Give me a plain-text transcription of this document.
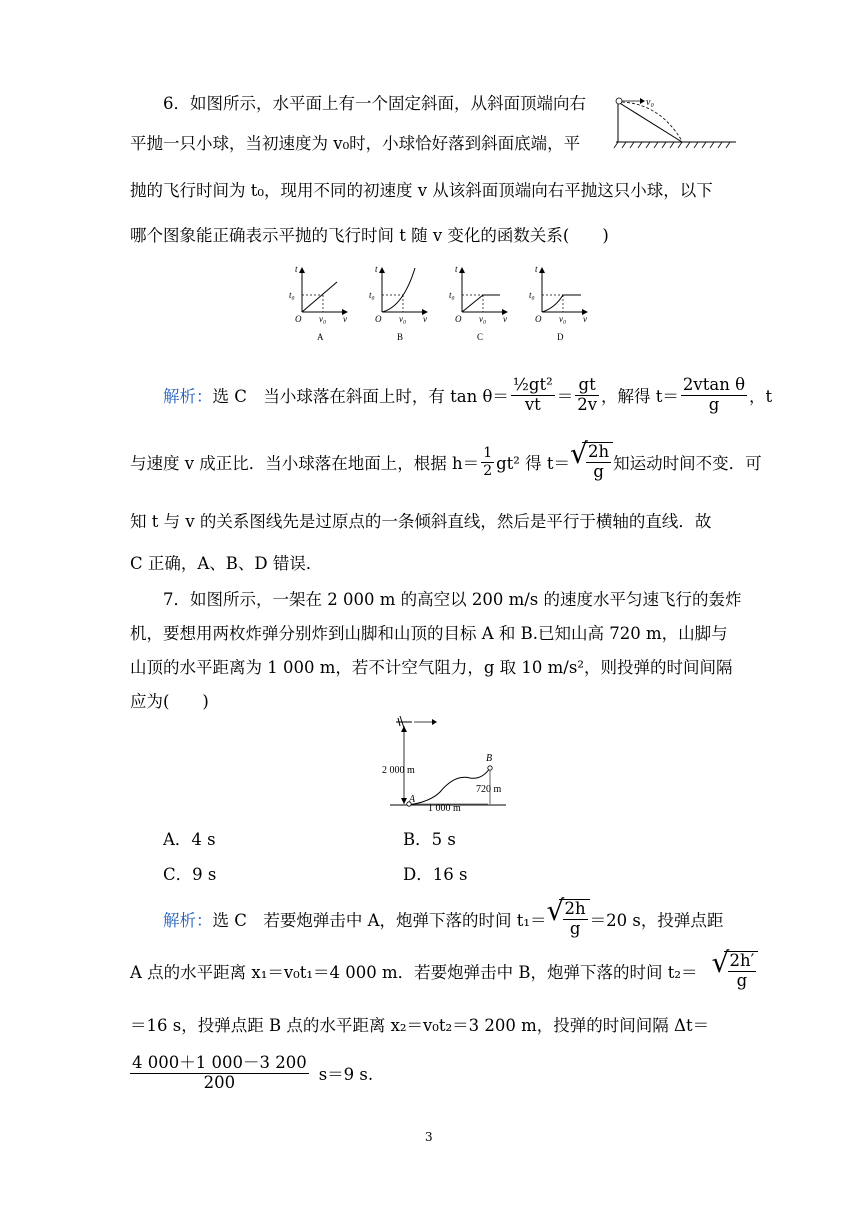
6．如图所示，水平面上有一个固定斜面，从斜面顶端向右
平抛一只小球，当初速度为 v₀时，小球恰好落到斜面底端，平
抛的飞行时间为 t₀，现用不同的初速度 v 从该斜面顶端向右平抛这只小球，以下
哪个图象能正确表示平抛的飞行时间 t 随 v 变化的函数关系(　　)
v₀
t
t₀
O v₀ v
A
t
t₀
O v₀ v
B
t
t₀
O v₀ v
C
t
t₀
O v₀ v
D
解析： 选 C　当小球落在斜面上时，有 $\tan \theta= \frac{\text{½gt²}}{vt} = \frac{gt}{2v}$ ，解得 $t= \frac{\text{2vtan θ}}{g}$ ，t
与速度 v 成正比．当小球落在地面上，根据 $h= \frac{1}{2} gt^2$ 得 t＝ √
$\frac{2h}{g}$ 知运动时间不变．可
知 t 与 v 的关系图线先是过原点的一条倾斜直线，然后是平行于横轴的直线．故
C 正确，A、B、D 错误．
7．如图所示，一架在 2 000 m 的高空以 200 m/s 的速度水平匀速飞行的轰炸
机，要想用两枚炸弹分别炸到山脚和山顶的目标 A 和 B.已知山高 720 m，山脚与
山顶的水平距离为 1 000 m，若不计空气阻力，g 取 10 m/s²，则投弹的时间间隔
应为(　　)
2 000 m
A
B
1 000 m
720 m
A．4 s	B．5 s
C．9 s	D．16 s
解析： 选 C　若要炮弹击中 A，炮弹下落的时间 t₁＝ √
$\frac{2h}{g} =20$ s，投弹点距
A 点的水平距离 x₁＝v₀t₁＝4 000 m．若要炮弹击中 B，炮弹下落的时间 t₂＝ √
$\frac{2h'}{g}$
＝16 s，投弹点距 B 点的水平距离 x₂＝v₀t₂＝3 200 m，投弹的时间间隔 Δt＝
$\frac{4 000+1 000-3 200}{200} s=9$ s.
3
